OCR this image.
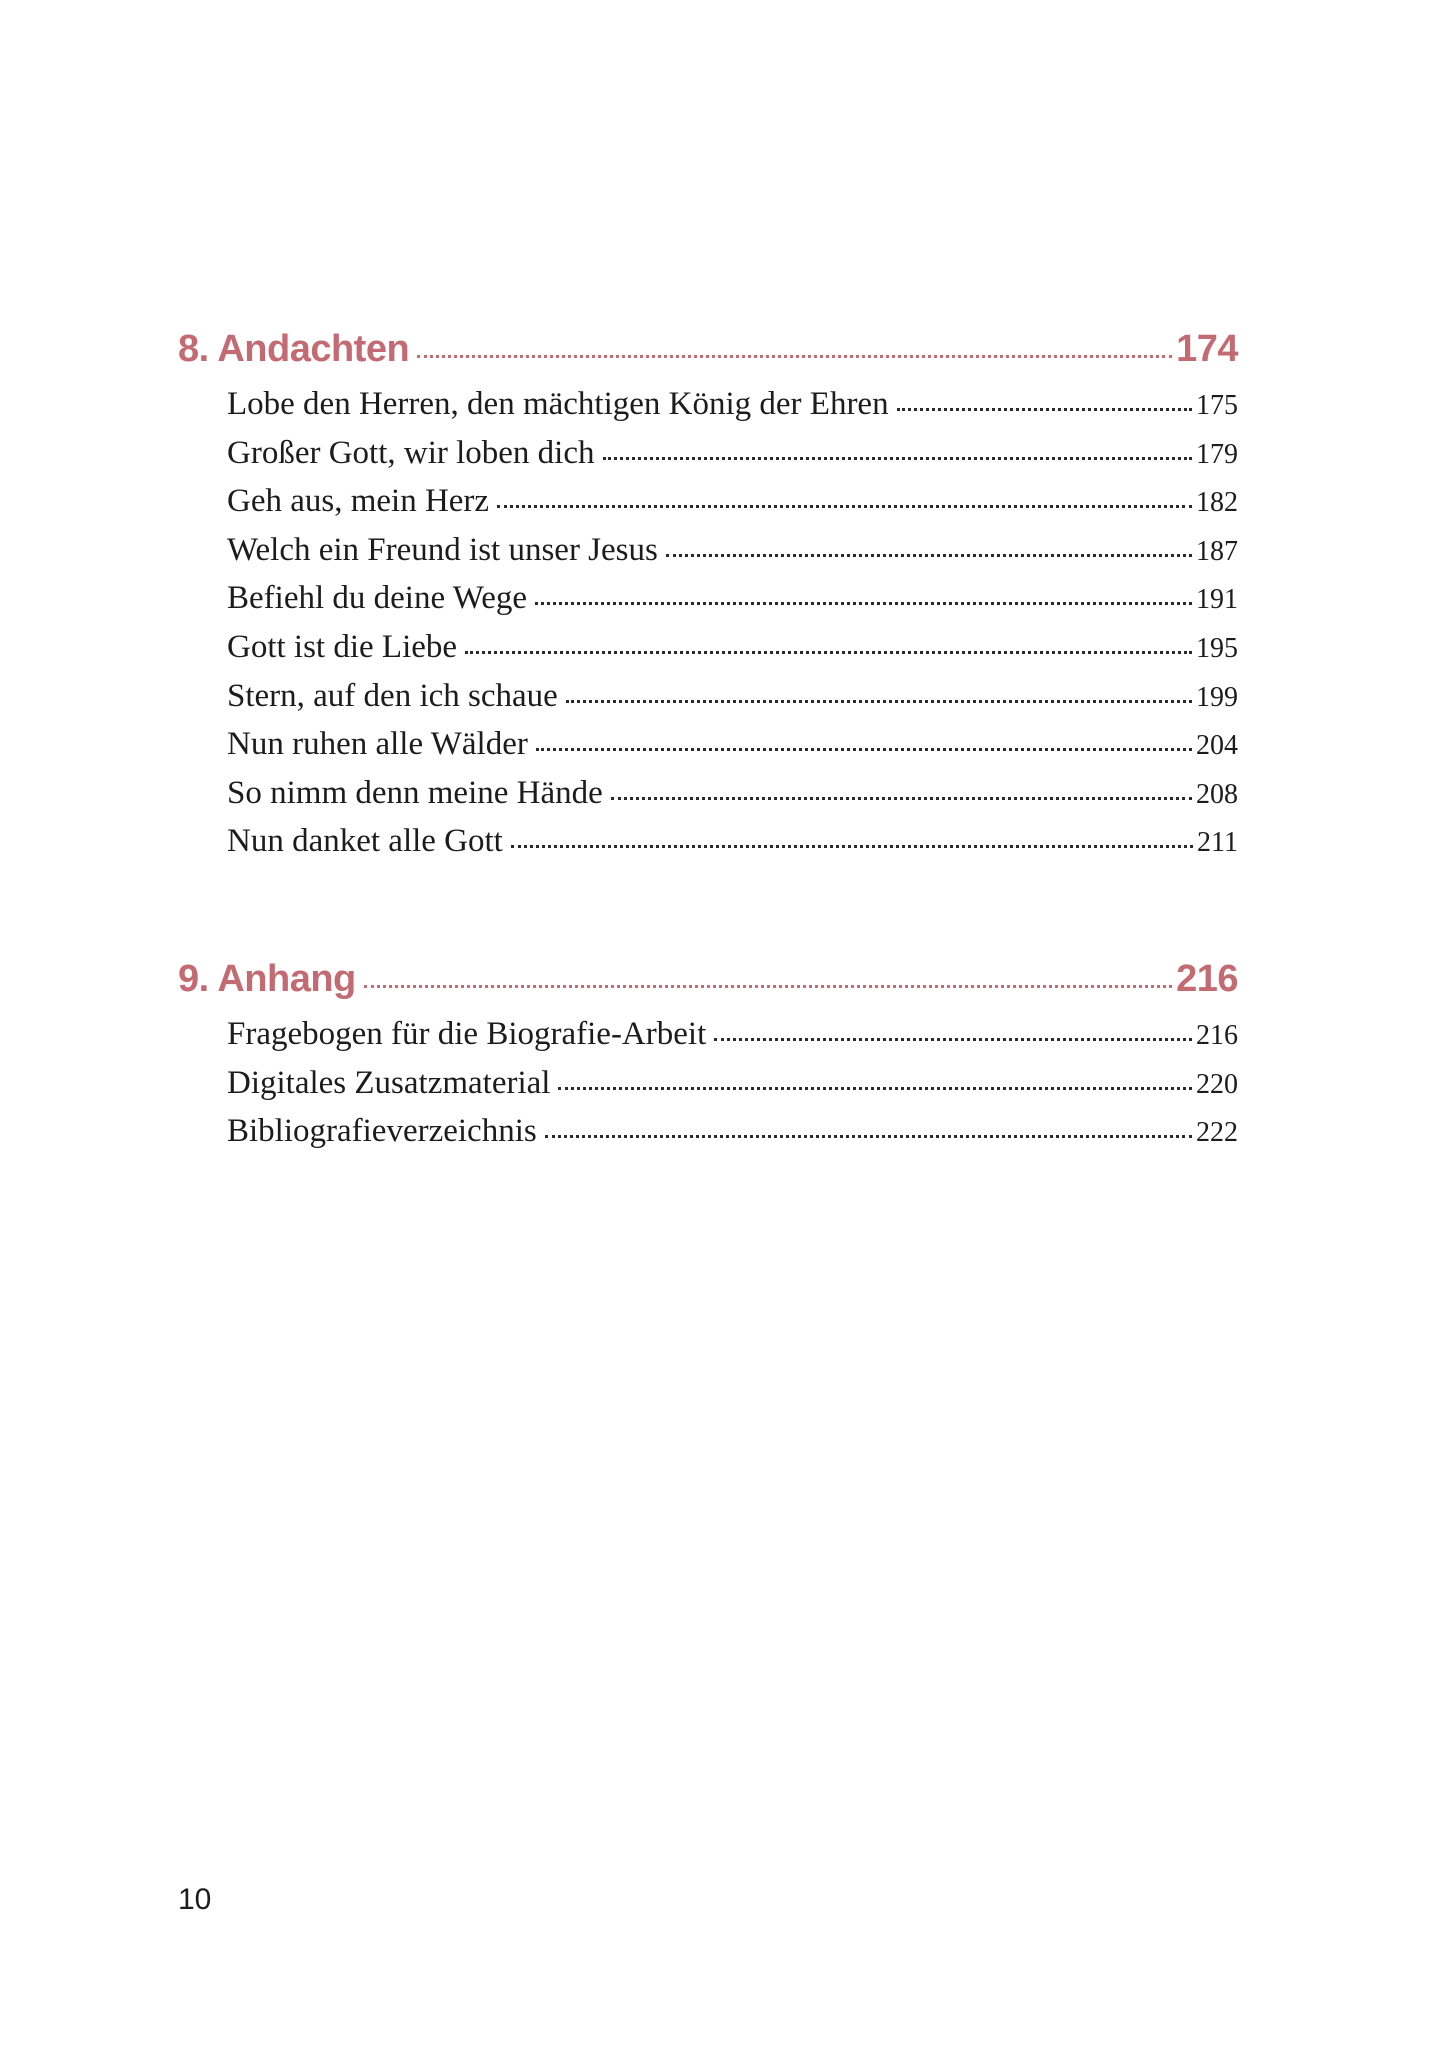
8. Andachten	174
Lobe den Herren, den mächtigen König der Ehren	175
Großer Gott, wir loben dich	179
Geh aus, mein Herz	182
Welch ein Freund ist unser Jesus	187
Befiehl du deine Wege	191
Gott ist die Liebe	195
Stern, auf den ich schaue	199
Nun ruhen alle Wälder	204
So nimm denn meine Hände	208
Nun danket alle Gott	211
9. Anhang	216
Fragebogen für die Biografie-Arbeit	216
Digitales Zusatzmaterial	220
Bibliografieverzeichnis	222
10
